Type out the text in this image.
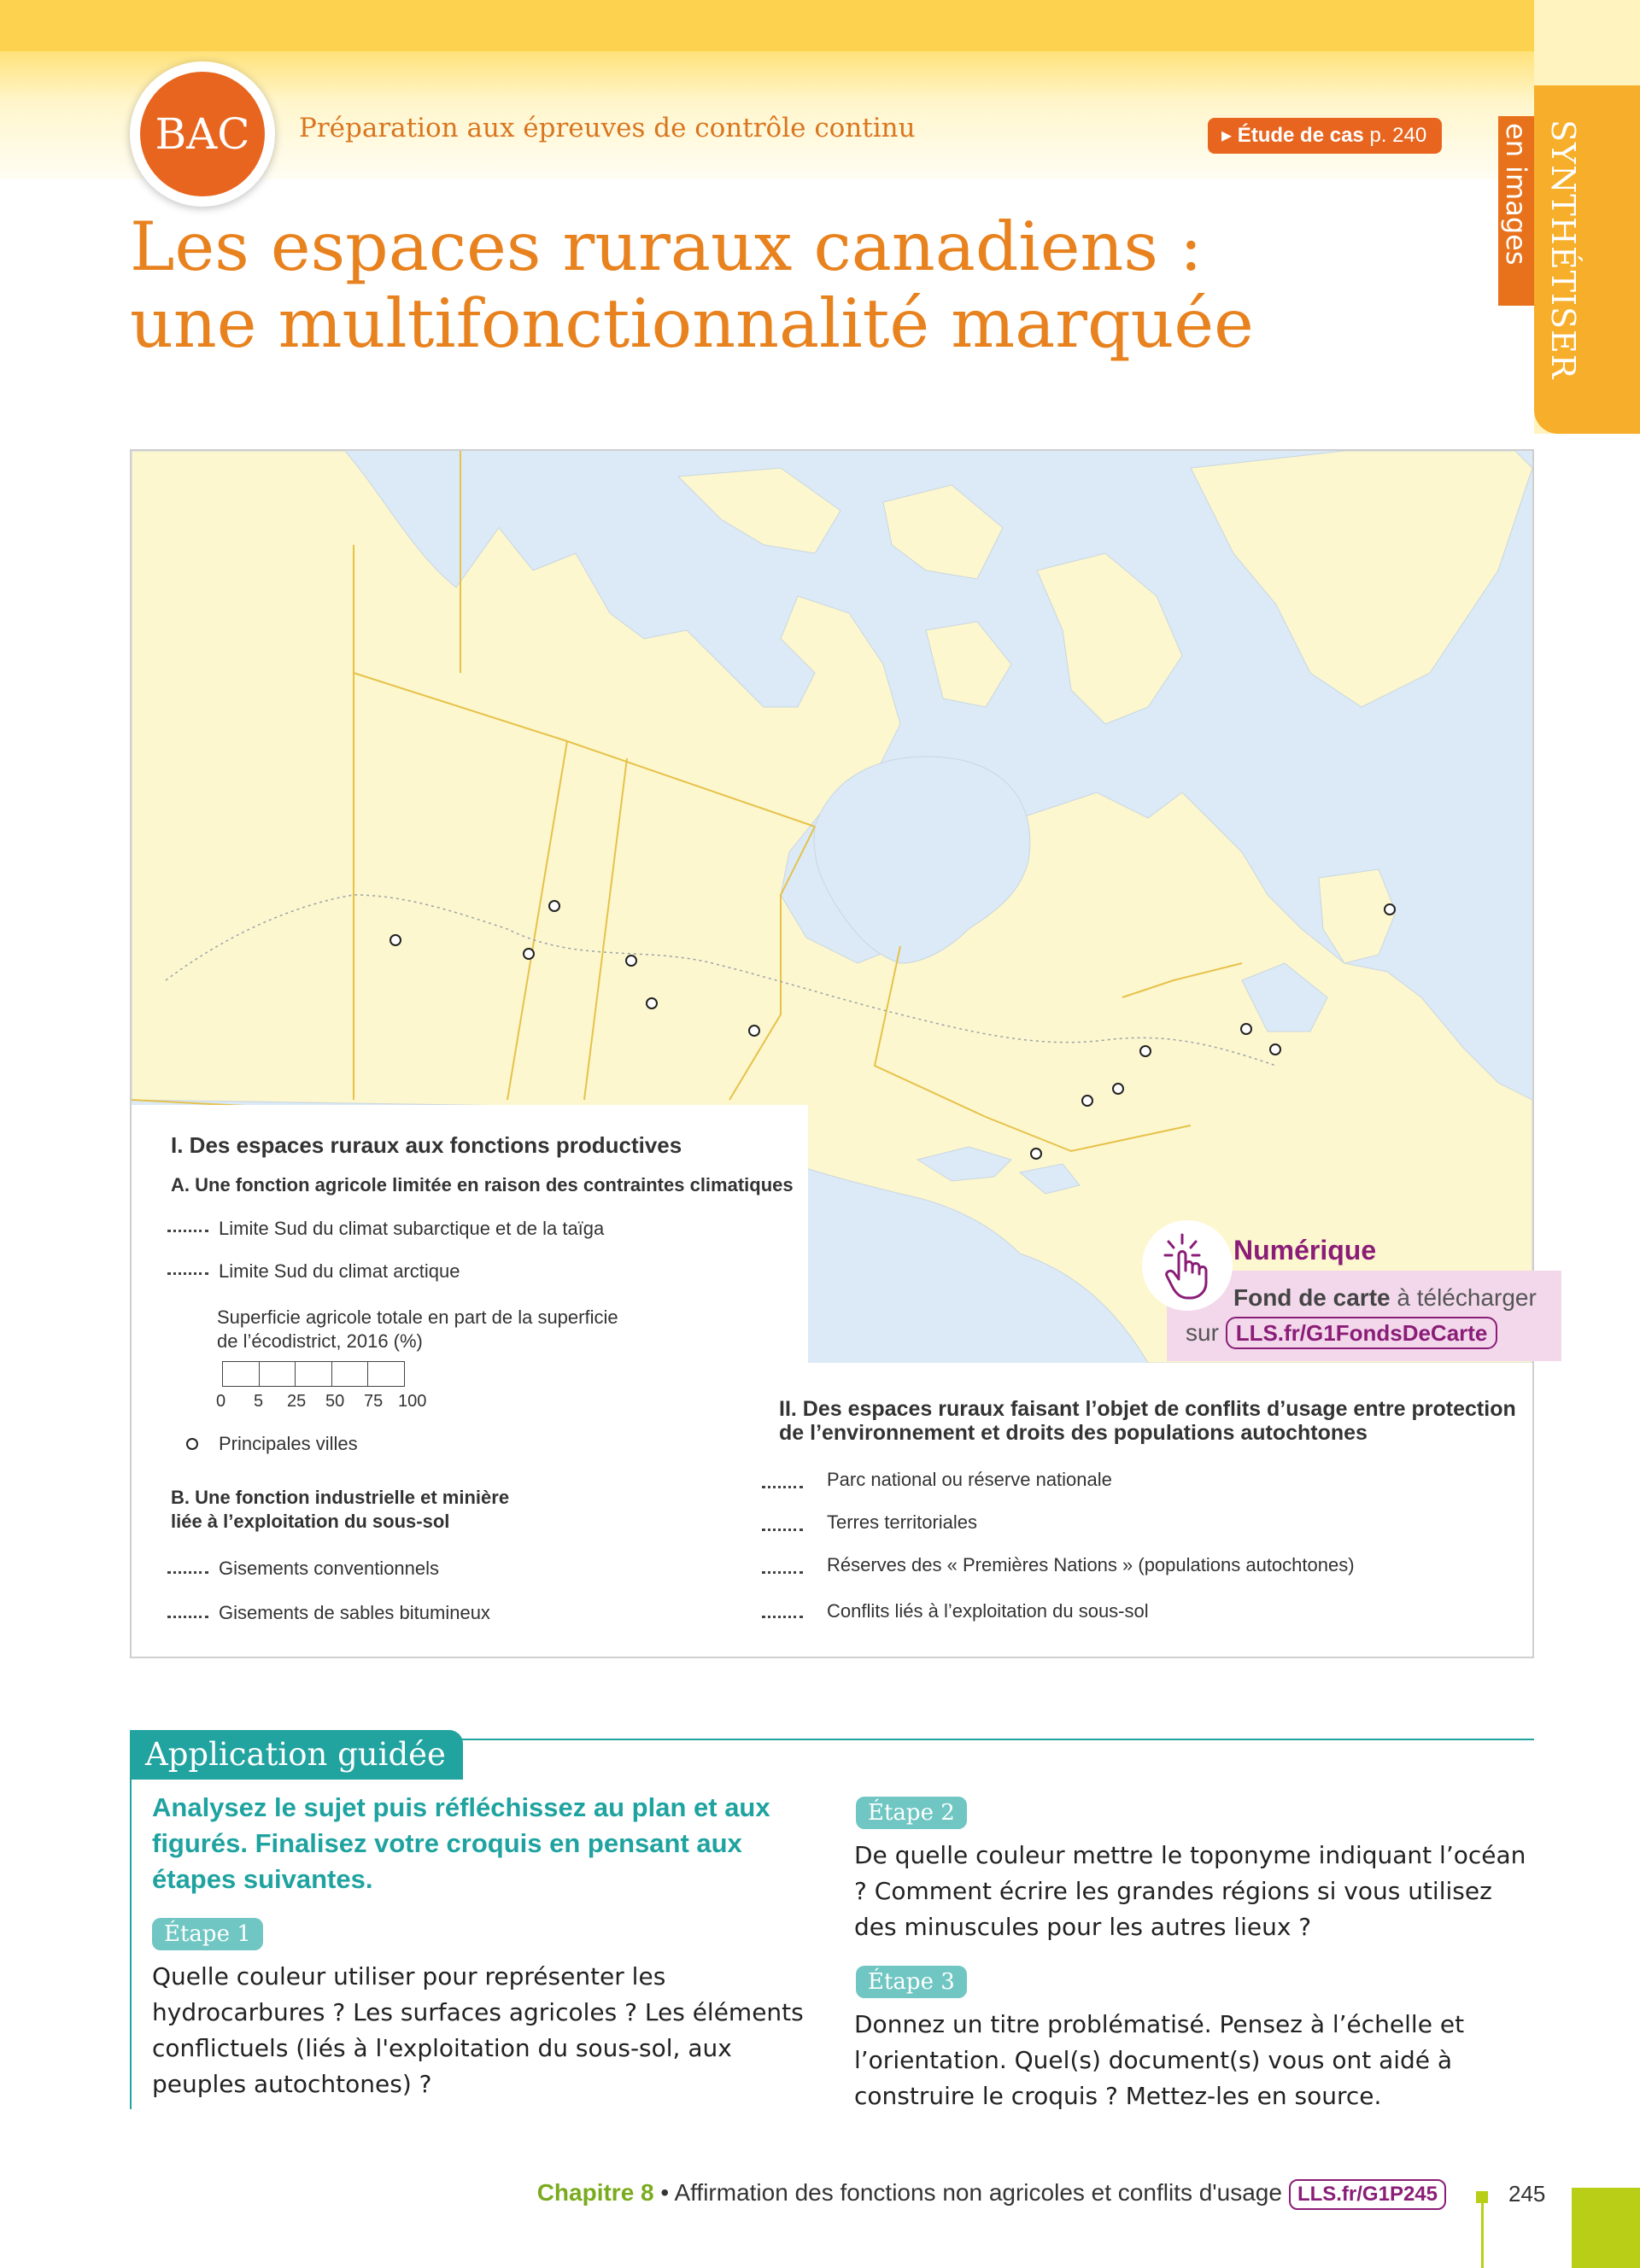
SYNTHÉTISER
en images
BAC	Préparation aux épreuves de contrôle continu	▸ Étude de cas p. 240
Les espaces ruraux canadiens :
une multifonctionnalité marquée
I. Des espaces ruraux aux fonctions productives
A. Une fonction agricole limitée en raison des contraintes climatiques
Limite Sud du climat subarctique et de la taïga
Limite Sud du climat arctique
Superficie agricole totale en part de la superficie
de l’écodistrict, 2016 (%)
0 5 25 50 75 100
Principales villes
B. Une fonction industrielle et minière
liée à l’exploitation du sous-sol
Gisements conventionnels
Gisements de sables bitumineux
II. Des espaces ruraux faisant l’objet de conflits d’usage entre protection
de l’environnement et droits des populations autochtones
Parc national ou réserve nationale
Terres territoriales
Réserves des « Premières Nations » (populations autochtones)
Conflits liés à l’exploitation du sous-sol
Numérique
Fond de carte à télécharger
sur LLS.fr/G1FondsDeCarte
Application guidée
Analysez le sujet puis réfléchissez au plan et aux figurés. Finalisez votre croquis en pensant aux étapes suivantes.
Étape 1
Quelle couleur utiliser pour représenter les hydrocarbures ? Les surfaces agricoles ? Les éléments conflictuels (liés à l'exploitation du sous-sol, aux peuples autochtones) ?
Étape 2
De quelle couleur mettre le toponyme indiquant l’océan ? Comment écrire les grandes régions si vous utilisez des minuscules pour les autres lieux ?
Étape 3
Donnez un titre problématisé. Pensez à l’échelle et l’orientation. Quel(s) document(s) vous ont aidé à construire le croquis ? Mettez-les en source.
Chapitre 8 • Affirmation des fonctions non agricoles et conflits d'usage LLS.fr/G1P245	245
